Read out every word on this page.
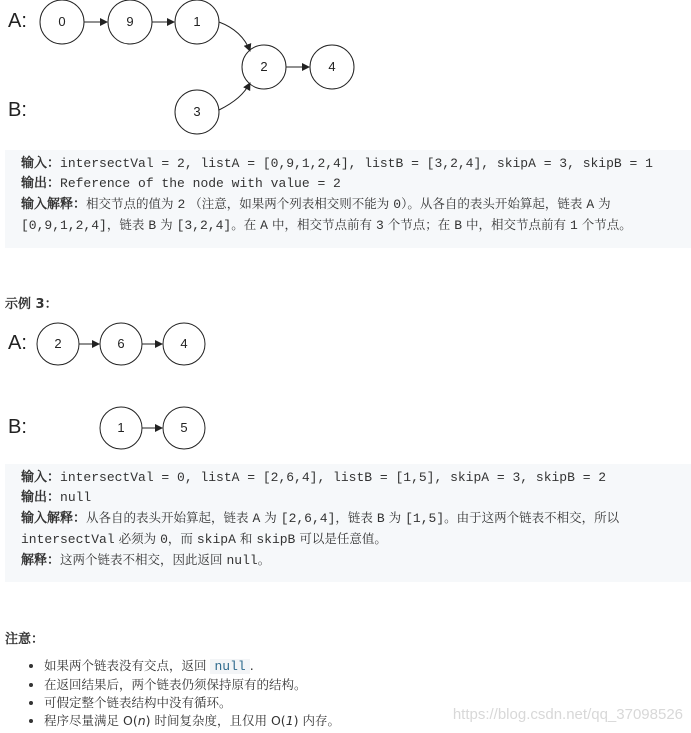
A:
B:
0	9	1
2	4
3
输入：intersectVal = 2, listA = [0,9,1,2,4], listB = [3,2,4], skipA = 3, skipB = 1
输出：Reference of the node with value = 2
输入解释：相交节点的值为 2 （注意，如果两个列表相交则不能为 0）。从各自的表头开始算起，链表 A 为
[0,9,1,2,4]，链表 B 为 [3,2,4]。在 A 中，相交节点前有 3 个节点；在 B 中，相交节点前有 1 个节点。
示例 3：
A:
B:
2	6	4
1	5
输入：intersectVal = 0, listA = [2,6,4], listB = [1,5], skipA = 3, skipB = 2
输出：null
输入解释：从各自的表头开始算起，链表 A 为 [2,6,4]，链表 B 为 [1,5]。由于这两个链表不相交，所以
intersectVal 必须为 0，而 skipA 和 skipB 可以是任意值。
解释：这两个链表不相交，因此返回 null。
注意：
• 如果两个链表没有交点，返回 null .
• 在返回结果后，两个链表仍须保持原有的结构。
• 可假定整个链表结构中没有循环。
• 程序尽量满足 O(n) 时间复杂度，且仅用 O(1) 内存。	https://blog.csdn.net/qq_37098526
